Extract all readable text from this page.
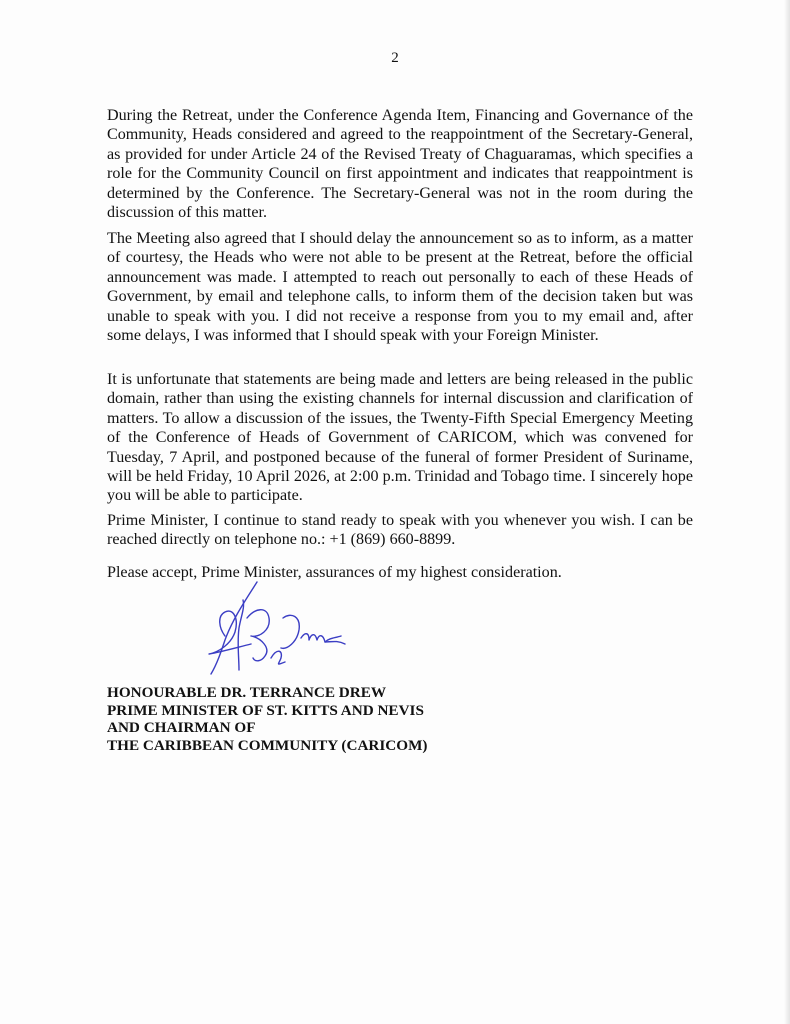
2

During the Retreat, under the Conference Agenda Item, Financing and Governance of the Community, Heads considered and agreed to the reappointment of the Secretary-General, as provided for under Article 24 of the Revised Treaty of Chaguaramas, which specifies a role for the Community Council on first appointment and indicates that reappointment is determined by the Conference. The Secretary-General was not in the room during the discussion of this matter.

The Meeting also agreed that I should delay the announcement so as to inform, as a matter of courtesy, the Heads who were not able to be present at the Retreat, before the official announcement was made. I attempted to reach out personally to each of these Heads of Government, by email and telephone calls, to inform them of the decision taken but was unable to speak with you. I did not receive a response from you to my email and, after some delays, I was informed that I should speak with your Foreign Minister.

It is unfortunate that statements are being made and letters are being released in the public domain, rather than using the existing channels for internal discussion and clarification of matters. To allow a discussion of the issues, the Twenty-Fifth Special Emergency Meeting of the Conference of Heads of Government of CARICOM, which was convened for Tuesday, 7 April, and postponed because of the funeral of former President of Suriname, will be held Friday, 10 April 2026, at 2:00 p.m. Trinidad and Tobago time. I sincerely hope you will be able to participate.

Prime Minister, I continue to stand ready to speak with you whenever you wish. I can be reached directly on telephone no.: +1 (869) 660-8899.

Please accept, Prime Minister, assurances of my highest consideration.

HONOURABLE DR. TERRANCE DREW
PRIME MINISTER OF ST. KITTS AND NEVIS
AND CHAIRMAN OF
THE CARIBBEAN COMMUNITY (CARICOM)
